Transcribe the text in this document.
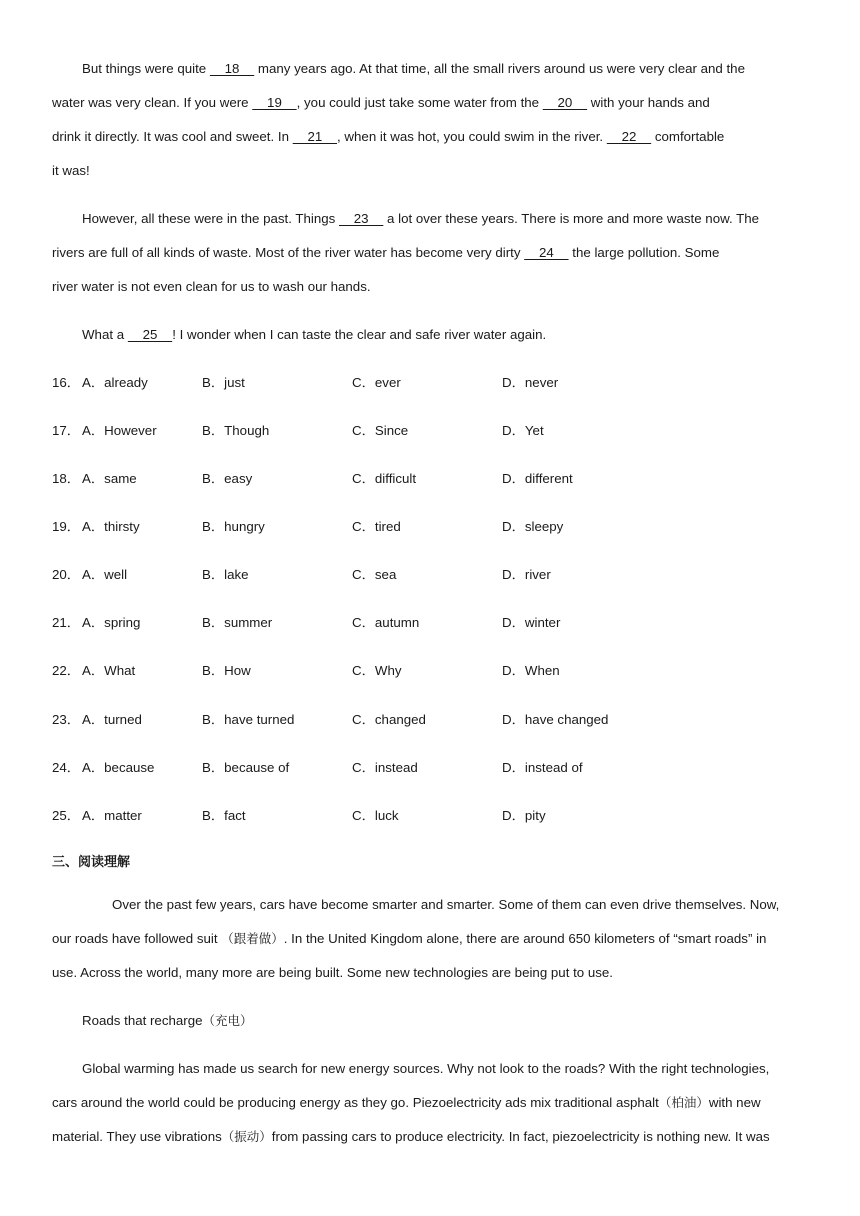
But things were quite     18     many years ago. At that time, all the small rivers around us were very clear and the
water was very clean. If you were     19    , you could just take some water from the     20     with your hands and
drink it directly. It was cool and sweet. In     21    , when it was hot, you could swim in the river.     22     comfortable
it was!
However, all these were in the past. Things     23     a lot over these years. There is more and more waste now. The
rivers are full of all kinds of waste. Most of the river water has become very dirty     24     the large pollution. Some
river water is not even clean for us to wash our hands.
What a     25    ! I wonder when I can taste the clear and safe river water again.
16． A．already	B．just	C．ever	D．never
17． A．However	B．Though	C．Since	D．Yet
18． A．same	B．easy	C．difficult	D．different
19． A．thirsty	B．hungry	C．tired	D．sleepy
20． A．well	B．lake	C．sea	D．river
21． A．spring	B．summer	C．autumn	D．winter
22． A．What	B．How	C．Why	D．When
23． A．turned	B．have turned	C．changed	D．have changed
24． A．because	B．because of	C．instead	D．instead of
25． A．matter	B．fact	C．luck	D．pity
三、阅读理解
Over the past few years, cars have become smarter and smarter. Some of them can even drive themselves. Now,
our roads have followed suit （跟着做）. In the United Kingdom alone, there are around 650 kilometers of “smart roads” in
use. Across the world, many more are being built. Some new technologies are being put to use.
Roads that recharge（充电）
Global warming has made us search for new energy sources. Why not look to the roads? With the right technologies,
cars around the world could be producing energy as they go. Piezoelectricity ads mix traditional asphalt（柏油）with new
material. They use vibrations（振动）from passing cars to produce electricity. In fact, piezoelectricity is nothing new. It was
